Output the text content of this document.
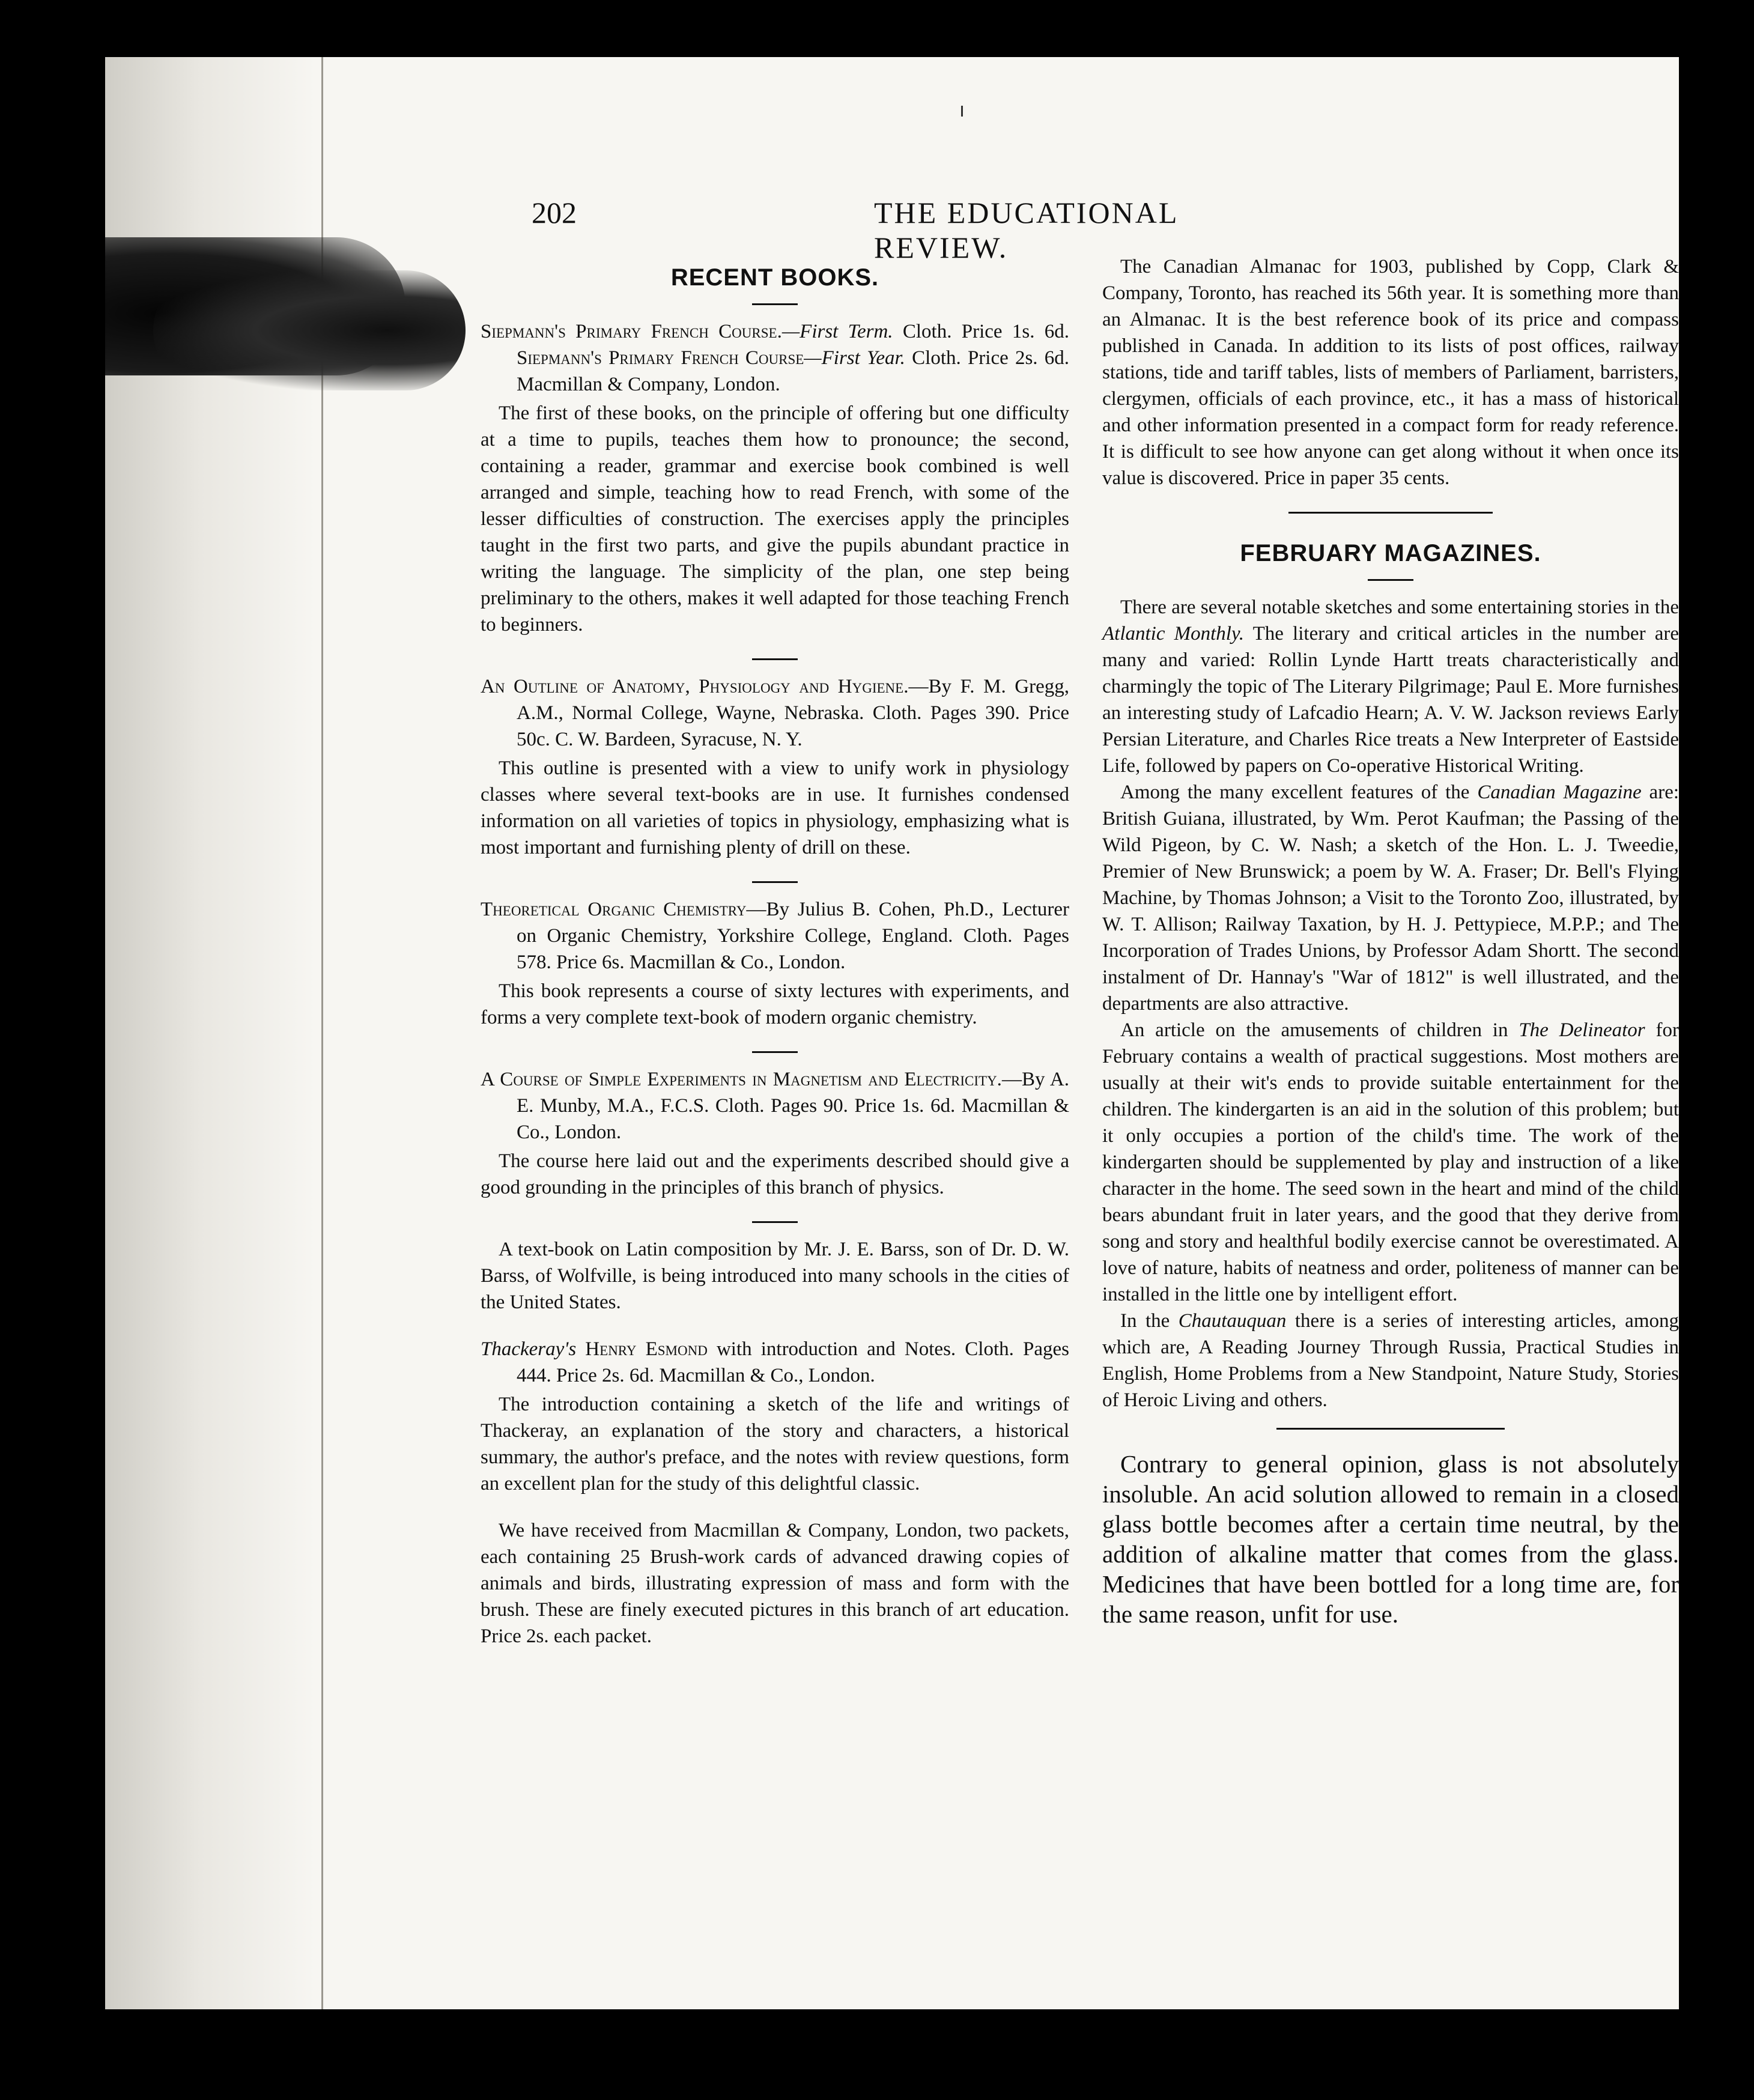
202	THE EDUCATIONAL REVIEW.
RECENT BOOKS.

Siepmann's Primary French Course.—First Term. Cloth. Price 1s. 6d. Siepmann's Primary French Course—First Year. Cloth. Price 2s. 6d. Macmillan & Company, London.

The first of these books, on the principle of offering but one difficulty at a time to pupils, teaches them how to pronounce; the second, containing a reader, grammar and exercise book combined is well arranged and simple, teaching how to read French, with some of the lesser difficulties of construction. The exercises apply the principles taught in the first two parts, and give the pupils abundant practice in writing the language. The simplicity of the plan, one step being preliminary to the others, makes it well adapted for those teaching French to beginners.

An Outline of Anatomy, Physiology and Hygiene.—By F. M. Gregg, A.M., Normal College, Wayne, Nebraska. Cloth. Pages 390. Price 50c. C. W. Bardeen, Syracuse, N. Y.

This outline is presented with a view to unify work in physiology classes where several text-books are in use. It furnishes condensed information on all varieties of topics in physiology, emphasizing what is most important and furnishing plenty of drill on these.

Theoretical Organic Chemistry—By Julius B. Cohen, Ph.D., Lecturer on Organic Chemistry, Yorkshire College, England. Cloth. Pages 578. Price 6s. Macmillan & Co., London.

This book represents a course of sixty lectures with experiments, and forms a very complete text-book of modern organic chemistry.

A Course of Simple Experiments in Magnetism and Electricity.—By A. E. Munby, M.A., F.C.S. Cloth. Pages 90. Price 1s. 6d. Macmillan & Co., London.

The course here laid out and the experiments described should give a good grounding in the principles of this branch of physics.

A text-book on Latin composition by Mr. J. E. Barss, son of Dr. D. W. Barss, of Wolfville, is being introduced into many schools in the cities of the United States.

Thackeray's Henry Esmond with introduction and Notes. Cloth. Pages 444. Price 2s. 6d. Macmillan & Co., London.

The introduction containing a sketch of the life and writings of Thackeray, an explanation of the story and characters, a historical summary, the author's preface, and the notes with review questions, form an excellent plan for the study of this delightful classic.

We have received from Macmillan & Company, London, two packets, each containing 25 Brush-work cards of advanced drawing copies of animals and birds, illustrating expression of mass and form with the brush. These are finely executed pictures in this branch of art education. Price 2s. each packet.

The Canadian Almanac for 1903, published by Copp, Clark & Company, Toronto, has reached its 56th year. It is something more than an Almanac. It is the best reference book of its price and compass published in Canada. In addition to its lists of post offices, railway stations, tide and tariff tables, lists of members of Parliament, barristers, clergymen, officials of each province, etc., it has a mass of historical and other information presented in a compact form for ready reference. It is difficult to see how anyone can get along without it when once its value is discovered. Price in paper 35 cents.

FEBRUARY MAGAZINES.

There are several notable sketches and some entertaining stories in the Atlantic Monthly. The literary and critical articles in the number are many and varied: Rollin Lynde Hartt treats characteristically and charmingly the topic of The Literary Pilgrimage; Paul E. More furnishes an interesting study of Lafcadio Hearn; A. V. W. Jackson reviews Early Persian Literature, and Charles Rice treats a New Interpreter of Eastside Life, followed by papers on Co-operative Historical Writing.

Among the many excellent features of the Canadian Magazine are: British Guiana, illustrated, by Wm. Perot Kaufman; the Passing of the Wild Pigeon, by C. W. Nash; a sketch of the Hon. L. J. Tweedie, Premier of New Brunswick; a poem by W. A. Fraser; Dr. Bell's Flying Machine, by Thomas Johnson; a Visit to the Toronto Zoo, illustrated, by W. T. Allison; Railway Taxation, by H. J. Pettypiece, M.P.P.; and The Incorporation of Trades Unions, by Professor Adam Shortt. The second instalment of Dr. Hannay's "War of 1812" is well illustrated, and the departments are also attractive.

An article on the amusements of children in The Delineator for February contains a wealth of practical suggestions. Most mothers are usually at their wit's ends to provide suitable entertainment for the children. The kindergarten is an aid in the solution of this problem; but it only occupies a portion of the child's time. The work of the kindergarten should be supplemented by play and instruction of a like character in the home. The seed sown in the heart and mind of the child bears abundant fruit in later years, and the good that they derive from song and story and healthful bodily exercise cannot be overestimated. A love of nature, habits of neatness and order, politeness of manner can be installed in the little one by intelligent effort.

In the Chautauquan there is a series of interesting articles, among which are, A Reading Journey Through Russia, Practical Studies in English, Home Problems from a New Standpoint, Nature Study, Stories of Heroic Living and others.

Contrary to general opinion, glass is not absolutely insoluble. An acid solution allowed to remain in a closed glass bottle becomes after a certain time neutral, by the addition of alkaline matter that comes from the glass. Medicines that have been bottled for a long time are, for the same reason, unfit for use.
